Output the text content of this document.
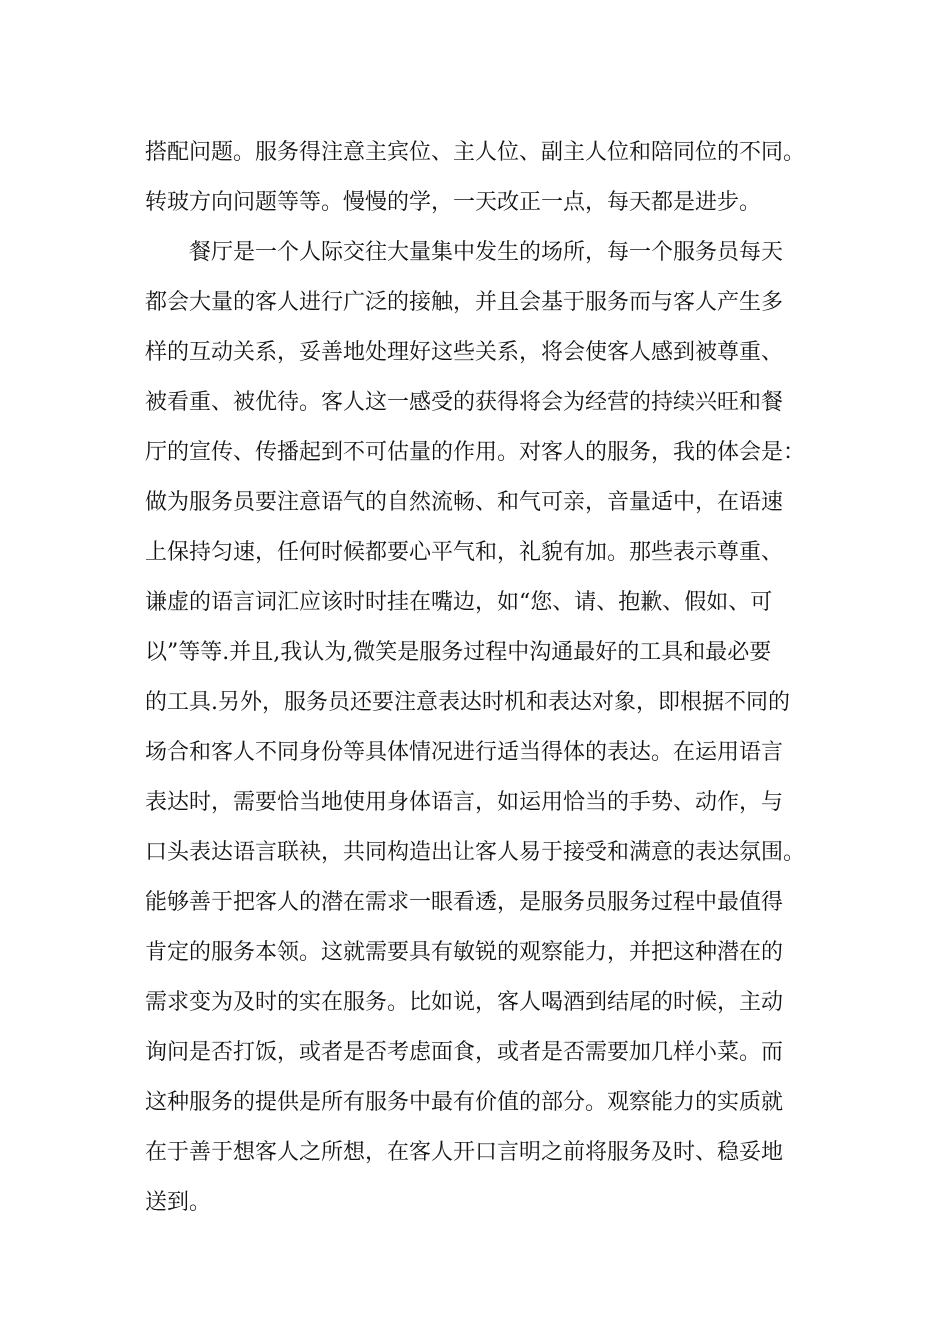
搭配问题。服务得注意主宾位、主人位、副主人位和陪同位的不同。
转玻方向问题等等。慢慢的学，一天改正一点，每天都是进步。
餐厅是一个人际交往大量集中发生的场所，每一个服务员每天
都会大量的客人进行广泛的接触，并且会基于服务而与客人产生多
样的互动关系，妥善地处理好这些关系，将会使客人感到被尊重、
被看重、被优待。客人这一感受的获得将会为经营的持续兴旺和餐
厅的宣传、传播起到不可估量的作用。对客人的服务，我的体会是：
做为服务员要注意语气的自然流畅、和气可亲，音量适中，在语速
上保持匀速，任何时候都要心平气和，礼貌有加。那些表示尊重、
谦虚的语言词汇应该时时挂在嘴边，如“您、请、抱歉、假如、可
以”等等.并且,我认为,微笑是服务过程中沟通最好的工具和最必要
的工具.另外，服务员还要注意表达时机和表达对象，即根据不同的
场合和客人不同身份等具体情况进行适当得体的表达。在运用语言
表达时，需要恰当地使用身体语言，如运用恰当的手势、动作，与
口头表达语言联袂，共同构造出让客人易于接受和满意的表达氛围。
能够善于把客人的潜在需求一眼看透，是服务员服务过程中最值得
肯定的服务本领。这就需要具有敏锐的观察能力，并把这种潜在的
需求变为及时的实在服务。比如说，客人喝酒到结尾的时候，主动
询问是否打饭，或者是否考虑面食，或者是否需要加几样小菜。而
这种服务的提供是所有服务中最有价值的部分。观察能力的实质就
在于善于想客人之所想，在客人开口言明之前将服务及时、稳妥地
送到。
